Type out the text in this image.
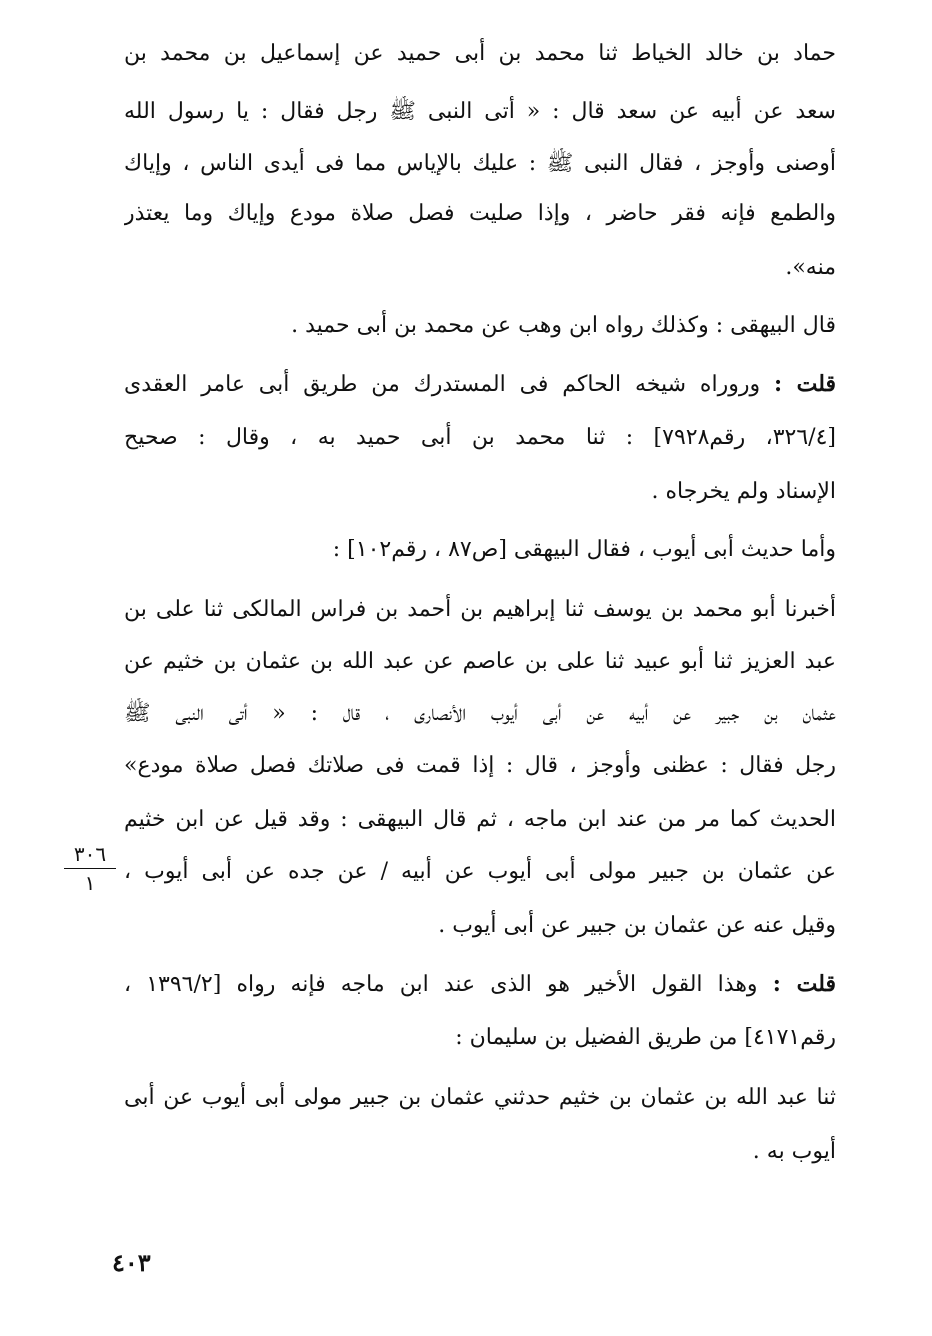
حماد بن خالد الخياط ثنا محمد بن أبى حميد عن إسماعيل بن محمد بن
سعد عن أبيه عن سعد قال : « أتى النبى ﷺ رجل فقال : يا رسول الله
أوصنى وأوجز ، فقال النبى ﷺ : عليك بالإياس مما فى أيدى الناس ، وإياك
والطمع فإنه فقر حاضر ، وإذا صليت فصل صلاة مودع وإياك وما يعتذر
منه».
قال البيهقى : وكذلك رواه ابن وهب عن محمد بن أبى حميد .
قلت : وروراه شيخه الحاكم فى المستدرك من طريق أبى عامر العقدى
[٣٢٦/٤، رقم٧٩٢٨] : ثنا محمد بن أبى حميد به ، وقال : صحيح
الإسناد ولم يخرجاه .
وأما حديث أبى أيوب ، فقال البيهقى [ص٨٧ ، رقم١٠٢] :
أخبرنا أبو محمد بن يوسف ثنا إبراهيم بن أحمد بن فراس المالكى ثنا على بن
عبد العزيز ثنا أبو عبيد ثنا على بن عاصم عن عبد الله بن عثمان بن خثيم عن
عثمان بن جبير عن أبيه عن أبى أيوب الأنصارى ، قال : « أتى النبى ﷺ
رجل فقال : عظنى وأوجز ، قال : إذا قمت فى صلاتك فصل صلاة مودع»
الحديث كما مر من عند ابن ماجه ، ثم قال البيهقى : وقد قيل عن ابن خثيم
عن عثمان بن جبير مولى أبى أيوب عن أبيه / عن جده عن أبى أيوب ،
وقيل عنه عن عثمان بن جبير عن أبى أيوب .
قلت : وهذا القول الأخير هو الذى عند ابن ماجه فإنه رواه [١٣٩٦/٢ ،
رقم٤١٧١] من طريق الفضيل بن سليمان :
ثنا عبد الله بن عثمان بن خثيم حدثني عثمان بن جبير مولى أبى أيوب عن أبى
أيوب به .
٣٠٦
١
٤٠٣
